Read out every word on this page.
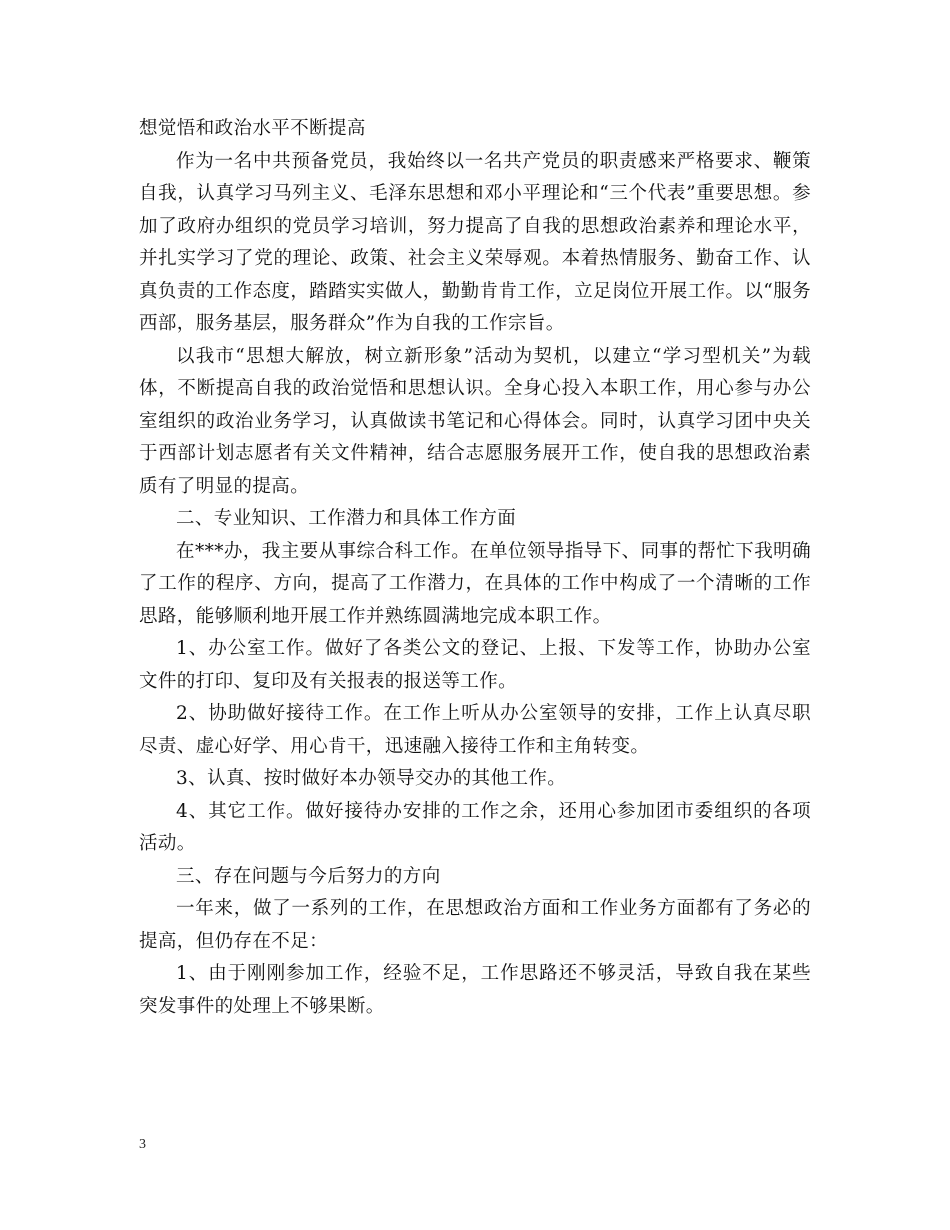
想觉悟和政治水平不断提高

作为一名中共预备党员，我始终以一名共产党员的职责感来严格要求、鞭策自我，认真学习马列主义、毛泽东思想和邓小平理论和“三个代表”重要思想。参加了政府办组织的党员学习培训，努力提高了自我的思想政治素养和理论水平，并扎实学习了党的理论、政策、社会主义荣辱观。本着热情服务、勤奋工作、认真负责的工作态度，踏踏实实做人，勤勤肯肯工作，立足岗位开展工作。以“服务西部，服务基层，服务群众”作为自我的工作宗旨。

以我市“思想大解放，树立新形象”活动为契机，以建立“学习型机关”为载体，不断提高自我的政治觉悟和思想认识。全身心投入本职工作，用心参与办公室组织的政治业务学习，认真做读书笔记和心得体会。同时，认真学习团中央关于西部计划志愿者有关文件精神，结合志愿服务展开工作，使自我的思想政治素质有了明显的提高。

二、专业知识、工作潜力和具体工作方面

在***办，我主要从事综合科工作。在单位领导指导下、同事的帮忙下我明确了工作的程序、方向，提高了工作潜力，在具体的工作中构成了一个清晰的工作思路，能够顺利地开展工作并熟练圆满地完成本职工作。

1、办公室工作。做好了各类公文的登记、上报、下发等工作，协助办公室文件的打印、复印及有关报表的报送等工作。

2、协助做好接待工作。在工作上听从办公室领导的安排，工作上认真尽职尽责、虚心好学、用心肯干，迅速融入接待工作和主角转变。

3、认真、按时做好本办领导交办的其他工作。

4、其它工作。做好接待办安排的工作之余，还用心参加团市委组织的各项活动。

三、存在问题与今后努力的方向

一年来，做了一系列的工作，在思想政治方面和工作业务方面都有了务必的提高，但仍存在不足：

1、由于刚刚参加工作，经验不足，工作思路还不够灵活，导致自我在某些突发事件的处理上不够果断。

3
